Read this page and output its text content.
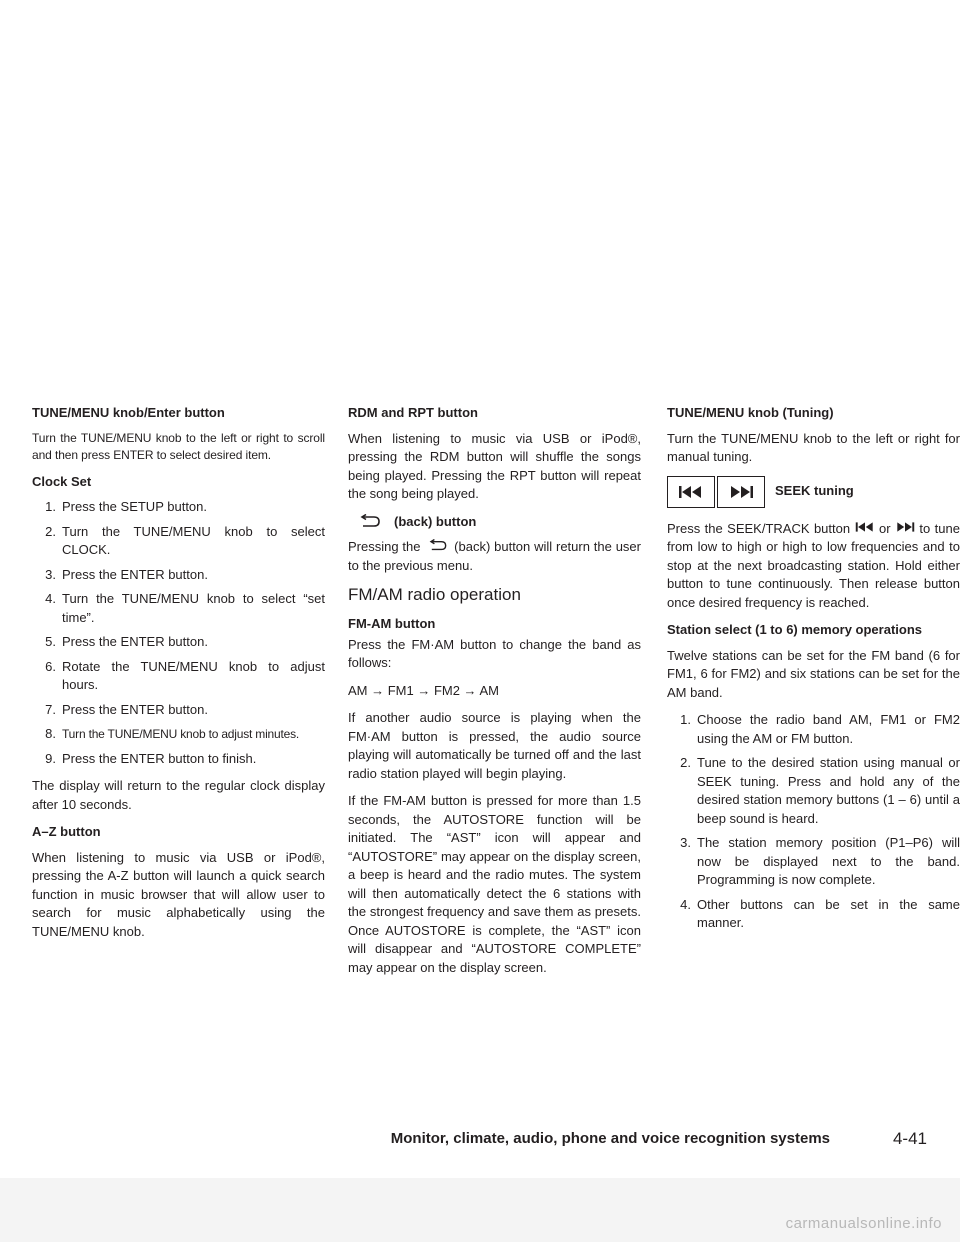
TUNE/MENU knob/Enter button
Turn the TUNE/MENU knob to the left or right to scroll and then press ENTER to select desired item.
Clock Set
1. Press the SETUP button.
2. Turn the TUNE/MENU knob to select CLOCK.
3. Press the ENTER button.
4. Turn the TUNE/MENU knob to select “set time”.
5. Press the ENTER button.
6. Rotate the TUNE/MENU knob to adjust hours.
7. Press the ENTER button.
8. Turn the TUNE/MENU knob to adjust minutes.
9. Press the ENTER button to finish.
The display will return to the regular clock display after 10 seconds.
A–Z button
When listening to music via USB or iPod®, pressing the A-Z button will launch a quick search function in music browser that will allow user to search for music alphabetically using the TUNE/MENU knob.
RDM and RPT button
When listening to music via USB or iPod®, pressing the RDM button will shuffle the songs being played. Pressing the RPT button will repeat the song being played.
(back) button
Pressing the	(back) button will return the user to the previous menu.
FM/AM radio operation
FM-AM button
Press the FM·AM button to change the band as follows:
AM → FM1 → FM2 → AM
If another audio source is playing when the FM·AM button is pressed, the audio source playing will automatically be turned off and the last radio station played will begin playing.
If the FM-AM button is pressed for more than 1.5 seconds, the AUTOSTORE function will be initiated. The “AST” icon will appear and “AUTOSTORE” may appear on the display screen, a beep is heard and the radio mutes. The system will then automatically detect the 6 stations with the strongest frequency and save them as presets. Once AUTOSTORE is complete, the “AST” icon will disappear and “AUTOSTORE COMPLETE” may appear on the display screen.
TUNE/MENU knob (Tuning)
Turn the TUNE/MENU knob to the left or right for manual tuning.
SEEK tuning
Press the SEEK/TRACK button or to tune from low to high or high to low frequencies and to stop at the next broadcasting station. Hold either button to tune continuously. Then release button once desired frequency is reached.
Station select (1 to 6) memory operations
Twelve stations can be set for the FM band (6 for FM1, 6 for FM2) and six stations can be set for the AM band.
1. Choose the radio band AM, FM1 or FM2 using the AM or FM button.
2. Tune to the desired station using manual or SEEK tuning. Press and hold any of the desired station memory buttons (1 – 6) until a beep sound is heard.
3. The station memory position (P1–P6) will now be displayed next to the band. Programming is now complete.
4. Other buttons can be set in the same manner.
Monitor, climate, audio, phone and voice recognition systems	4-41
carmanualsonline.info
